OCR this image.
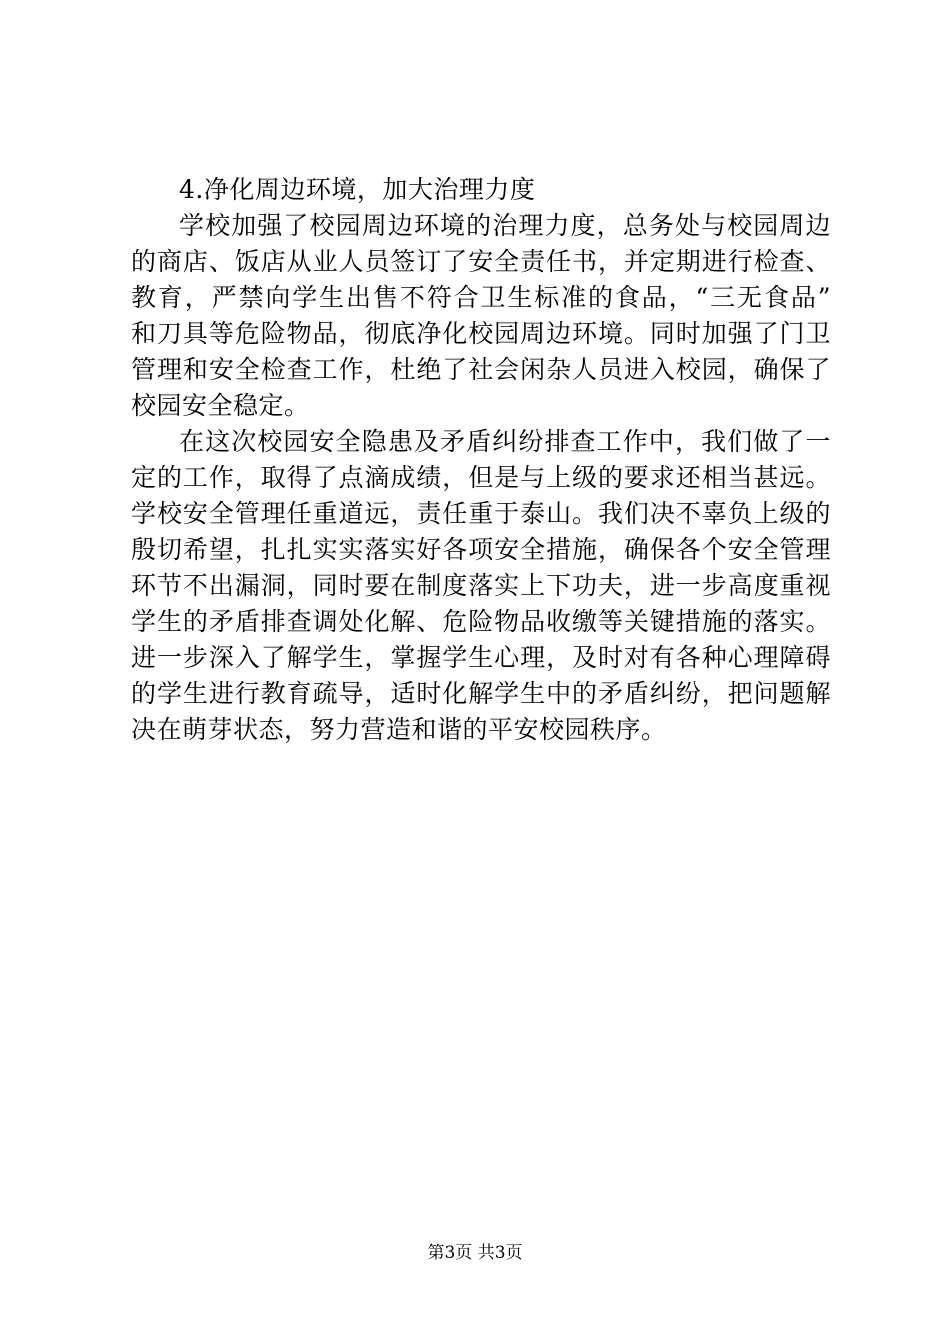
4.净化周边环境，加大治理力度
学校加强了校园周边环境的治理力度，总务处与校园周边
的商店、饭店从业人员签订了安全责任书，并定期进行检查、
教育，严禁向学生出售不符合卫生标准的食品，“三无食品”
和刀具等危险物品，彻底净化校园周边环境。同时加强了门卫
管理和安全检查工作，杜绝了社会闲杂人员进入校园，确保了
校园安全稳定。
在这次校园安全隐患及矛盾纠纷排查工作中，我们做了一
定的工作，取得了点滴成绩，但是与上级的要求还相当甚远。
学校安全管理任重道远，责任重于泰山。我们决不辜负上级的
殷切希望，扎扎实实落实好各项安全措施，确保各个安全管理
环节不出漏洞，同时要在制度落实上下功夫，进一步高度重视
学生的矛盾排查调处化解、危险物品收缴等关键措施的落实。
进一步深入了解学生，掌握学生心理，及时对有各种心理障碍
的学生进行教育疏导，适时化解学生中的矛盾纠纷，把问题解
决在萌芽状态，努力营造和谐的平安校园秩序。
第3页 共3页
